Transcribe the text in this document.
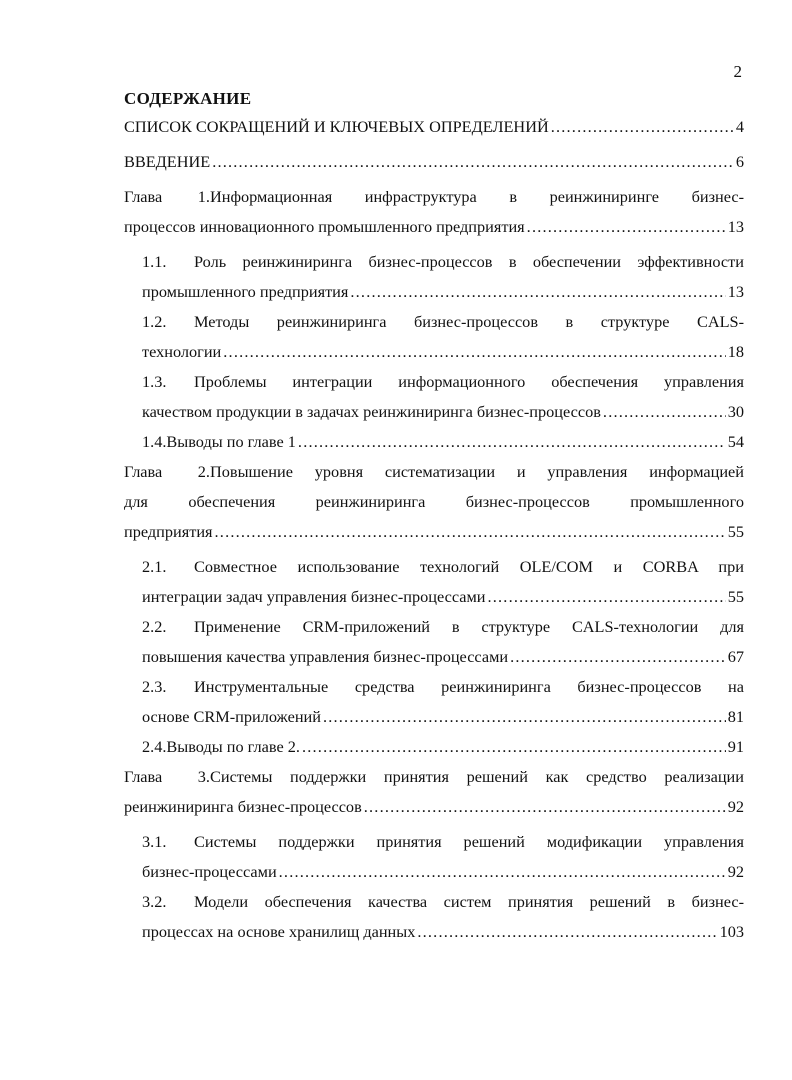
2
СОДЕРЖАНИЕ
СПИСОК СОКРАЩЕНИЙ И КЛЮЧЕВЫХ ОПРЕДЕЛЕНИЙ .....	4
ВВЕДЕНИЕ .....	6
Глава 1.Информационная инфраструктура в реинжиниринге бизнес-
процессов инновационного промышленного предприятия .....	13
1.1. Роль реинжиниринга бизнес-процессов в обеспечении эффективности
промышленного предприятия .....	13
1.2. Методы реинжиниринга бизнес-процессов в структуре CALS-
технологии .....	18
1.3. Проблемы интеграции информационного обеспечения управления
качеством продукции в задачах реинжиниринга бизнес-процессов .....	30
1.4. Выводы по главе 1 .....	54
Глава 2.Повышение уровня систематизации и управления информацией
для обеспечения реинжиниринга бизнес-процессов промышленного
предприятия .....	55
2.1. Совместное использование технологий OLE/COM и CORBA при
интеграции задач управления бизнес-процессами .....	55
2.2. Применение CRM-приложений в структуре CALS-технологии для
повышения качества управления бизнес-процессами .....	67
2.3. Инструментальные средства реинжиниринга бизнес-процессов на
основе CRM-приложений .....	81
2.4. Выводы по главе 2. .....	91
Глава 3.Системы поддержки принятия решений как средство реализации
реинжиниринга бизнес-процессов .....	92
3.1. Системы поддержки принятия решений модификации управления
бизнес-процессами .....	92
3.2. Модели обеспечения качества систем принятия решений в бизнес-
процессах на основе хранилищ данных .....	103
